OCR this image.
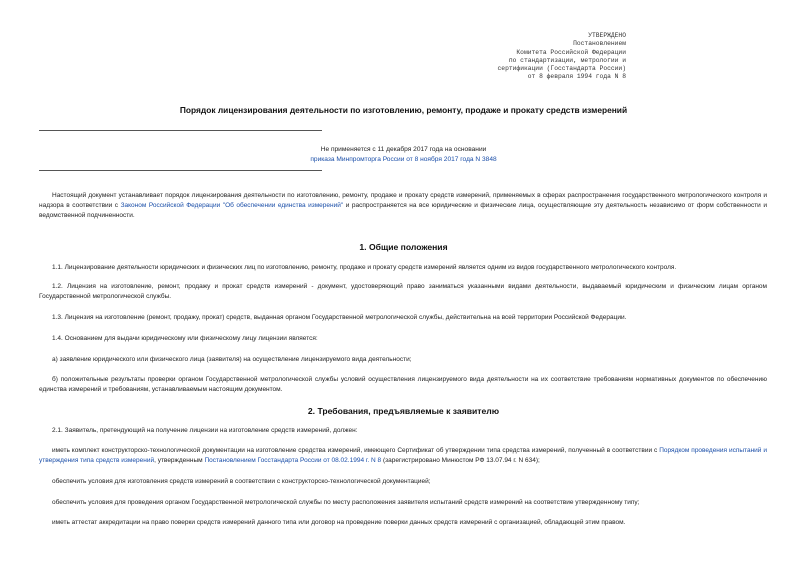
УТВЕРЖДЕНО
Постановлением
Комитета Российской Федерации
по стандартизации, метрологии и
сертификации (Госстандарта России)
от 8 февраля 1994 года N 8
Порядок лицензирования деятельности по изготовлению, ремонту, продаже и прокату средств измерений
Не применяется с 11 декабря 2017 года на основании
приказа Минпромторга России от 8 ноября 2017 года N 3848
Настоящий документ устанавливает порядок лицензирования деятельности по изготовлению, ремонту, продаже и прокату средств измерений, применяемых в сферах распространения государственного метрологического контроля и надзора в соответствии с Законом Российской Федерации "Об обеспечении единства измерений" и распространяется на все юридические и физические лица, осуществляющие эту деятельность независимо от форм собственности и ведомственной подчиненности.
1. Общие положения
1.1. Лицензирование деятельности юридических и физических лиц по изготовлению, ремонту, продаже и прокату средств измерений является одним из видов государственного метрологического контроля.
1.2. Лицензия на изготовление, ремонт, продажу и прокат средств измерений - документ, удостоверяющий право заниматься указанными видами деятельности, выдаваемый юридическим и физическим лицам органом Государственной метрологической службы.
1.3. Лицензия на изготовление (ремонт, продажу, прокат) средств, выданная органом Государственной метрологической службы, действительна на всей территории Российской Федерации.
1.4. Основанием для выдачи юридическому или физическому лицу лицензии является:
а) заявление юридического или физического лица (заявителя) на осуществление лицензируемого вида деятельности;
б) положительные результаты проверки органом Государственной метрологической службы условий осуществления лицензируемого вида деятельности на их соответствие требованиям нормативных документов по обеспечению единства измерений и требованиям, устанавливаемым настоящим документом.
2. Требования, предъявляемые к заявителю
2.1. Заявитель, претендующий на получение лицензии на изготовление средств измерений, должен:
иметь комплект конструкторско-технологической документации на изготовление средства измерений, имеющего Сертификат об утверждении типа средства измерений, полученный в соответствии с Порядком проведения испытаний и утверждения типа средств измерений, утвержденным Постановлением Госстандарта России от 08.02.1994 г. N 8 (зарегистрировано Минюстом РФ 13.07.94 г. N 634);
обеспечить условия для изготовления средств измерений в соответствии с конструкторско-технологической документацией;
обеспечить условия для проведения органом Государственной метрологической службы по месту расположения заявителя испытаний средств измерений на соответствие утвержденному типу;
иметь аттестат аккредитации на право поверки средств измерений данного типа или договор на проведение поверки данных средств измерений с организацией, обладающей этим правом.
